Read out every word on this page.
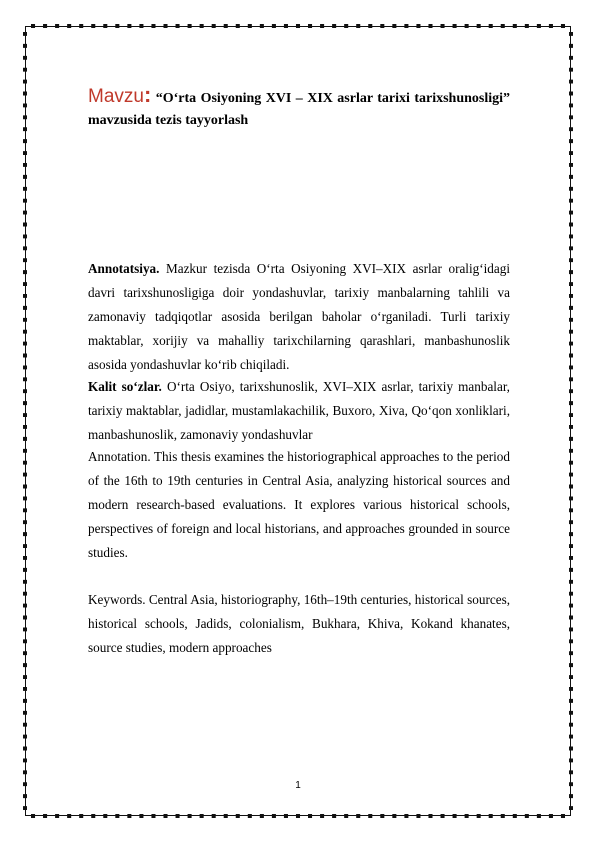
Mavzu: “O‘rta Osiyoning XVI – XIX asrlar tarixi tarixshunosligi” mavzusida tezis tayyorlash
Annotatsiya. Mazkur tezisda O‘rta Osiyoning XVI–XIX asrlar oralig‘idagi davri tarixshunosligiga doir yondashuvlar, tarixiy manbalarning tahlili va zamonaviy tadqiqotlar asosida berilgan baholar o‘rganiladi. Turli tarixiy maktablar, xorijiy va mahalliy tarixchilarning qarashlari, manbashunoslik asosida yondashuvlar ko‘rib chiqiladi.
Kalit so‘zlar. O‘rta Osiyo, tarixshunoslik, XVI–XIX asrlar, tarixiy manbalar, tarixiy maktablar, jadidlar, mustamlakachilik, Buxoro, Xiva, Qo‘qon xonliklari, manbashunoslik, zamonaviy yondashuvlar
Annotation. This thesis examines the historiographical approaches to the period of the 16th to 19th centuries in Central Asia, analyzing historical sources and modern research-based evaluations. It explores various historical schools, perspectives of foreign and local historians, and approaches grounded in source studies.
Keywords. Central Asia, historiography, 16th–19th centuries, historical sources, historical schools, Jadids, colonialism, Bukhara, Khiva, Kokand khanates, source studies, modern approaches
1
